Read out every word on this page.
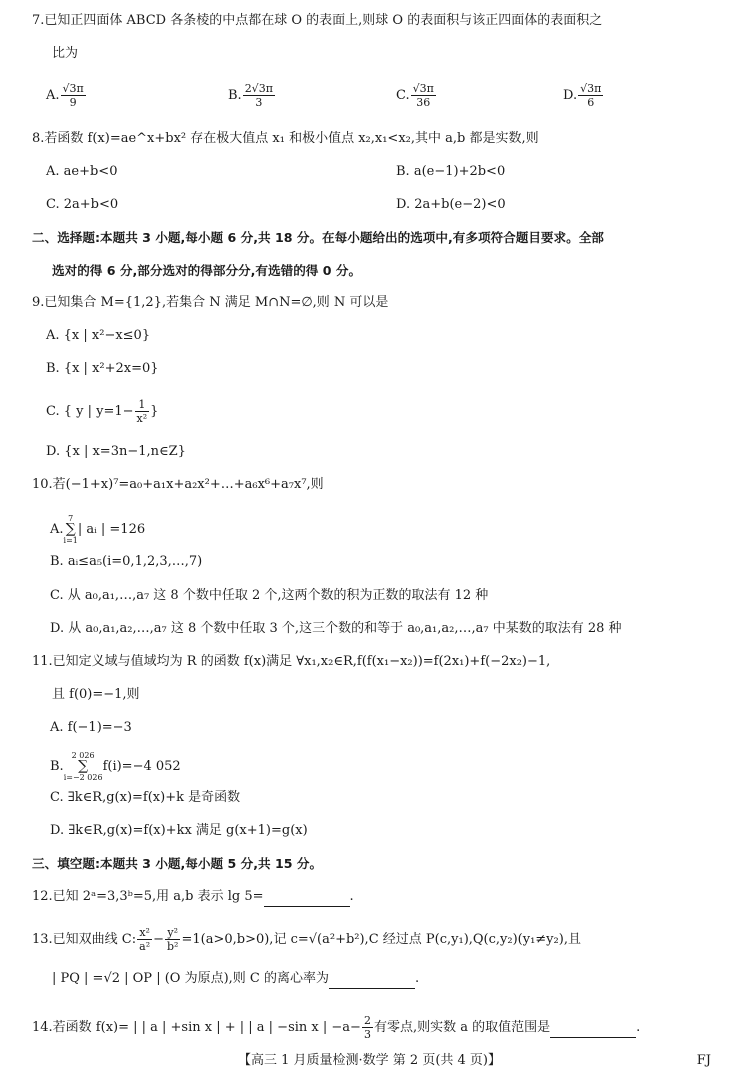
7.已知正四面体 ABCD 各条棱的中点都在球 O 的表面上,则球 O 的表面积与该正四面体的表面积之
比为
A. $\frac{√3\pi}{9}$	B. $\frac{2√3\pi}{3}$	C. $\frac{√3\pi}{36}$	D. $\frac{√3\pi}{6}$
8.若函数 f(x)=ae^x+bx² 存在极大值点 x₁ 和极小值点 x₂,x₁<x₂,其中 a,b 都是实数,则
A. ae+b<0	B. a(e−1)+2b<0
C. 2a+b<0	D. 2a+b(e−2)<0
二、选择题:本题共 3 小题,每小题 6 分,共 18 分。在每小题给出的选项中,有多项符合题目要求。全部
选对的得 6 分,部分选对的得部分分,有选错的得 0 分。
9.已知集合 M={1,2},若集合 N 满足 M∩N=∅,则 N 可以是
A. {x | x²−x≤0}
B. {x | x²+2x=0}
C. { y | $y=1- \frac{1}{\text{x²}}$ }
D. {x | x=3n−1,n∈Z}
10.若(−1+x)⁷=a₀+a₁x+a₂x²+…+a₆x⁶+a₇x⁷,则
A.7
∑
i=1| aᵢ | =126
B. aᵢ≤a₅(i=0,1,2,3,…,7)
C. 从 a₀,a₁,…,a₇ 这 8 个数中任取 2 个,这两个数的积为正数的取法有 12 种
D. 从 a₀,a₁,a₂,…,a₇ 这 8 个数中任取 3 个,这三个数的和等于 a₀,a₁,a₂,…,a₇ 中某数的取法有 28 种
11.已知定义域与值域均为 R 的函数 f(x)满足 ∀x₁,x₂∈R,f(f(x₁−x₂))=f(2x₁)+f(−2x₂)−1,
且 f(0)=−1,则
A. f(−1)=−3
B.2 026
∑
i=−2 026f(i)=−4 052
C. ∃k∈R,g(x)=f(x)+k 是奇函数
D. ∃k∈R,g(x)=f(x)+kx 满足 g(x+1)=g(x)
三、填空题:本题共 3 小题,每小题 5 分,共 15 分。
12.已知 2ᵃ=3,3ᵇ=5,用 a,b 表示 lg 5=	.
13.已知双曲线 C: $\frac{\text{x²}}{\text{a²}} - \frac{\text{y²}}{\text{b²}} =1(a>0,b>0)$,记 c=√(a²+b²),C 经过点 P(c,y₁),Q(c,y₂)(y₁≠y₂),且
| PQ | =√2 | OP | (O 为原点),则 C 的离心率为	.
14.若函数 f(x)= | | a | +sin x | + | | a | −sin x | $-a- \frac{2}{3}$ 有零点,则实数 a 的取值范围是	.
【高三 1 月质量检测·数学 第 2 页(共 4 页)】	FJ
